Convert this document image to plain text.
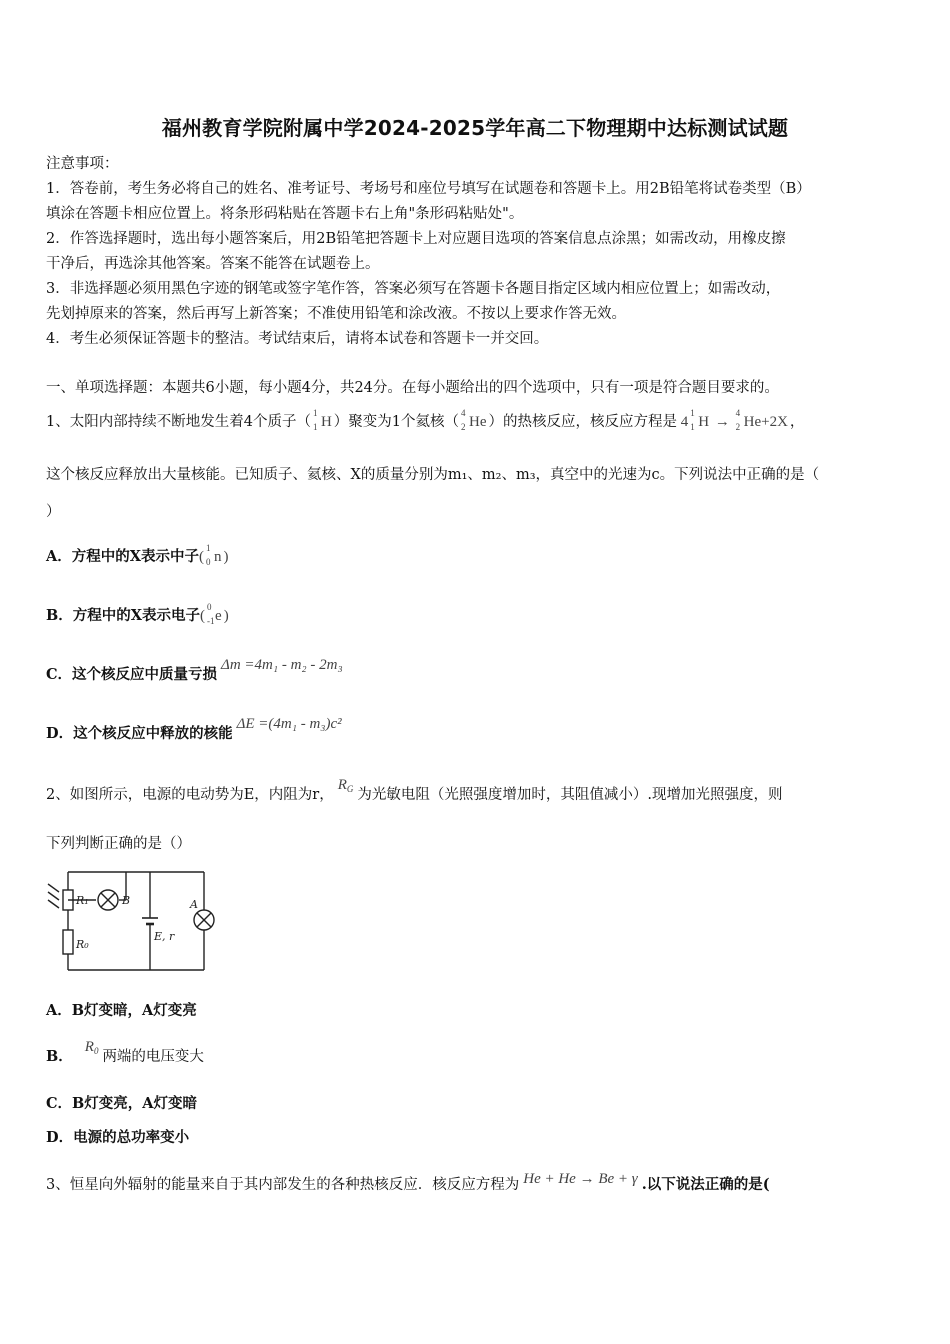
福州教育学院附属中学2024-2025学年高二下物理期中达标测试试题
注意事项：
1．答卷前，考生务必将自己的姓名、准考证号、考场号和座位号填写在试题卷和答题卡上。用2B铅笔将试卷类型（B）
填涂在答题卡相应位置上。将条形码粘贴在答题卡右上角"条形码粘贴处"。
2．作答选择题时，选出每小题答案后，用2B铅笔把答题卡上对应题目选项的答案信息点涂黑；如需改动，用橡皮擦
干净后，再选涂其他答案。答案不能答在试题卷上。
3．非选择题必须用黑色字迹的钢笔或签字笔作答，答案必须写在答题卡各题目指定区域内相应位置上；如需改动，
先划掉原来的答案，然后再写上新答案；不准使用铅笔和涂改液。不按以上要求作答无效。
4．考生必须保证答题卡的整洁。考试结束后，请将本试卷和答题卡一并交回。
一、单项选择题：本题共6小题，每小题4分，共24分。在每小题给出的四个选项中，只有一项是符合题目要求的。
1、太阳内部持续不断地发生着4个质子（
1
1 H ）聚变为1个氦核（
4
2 He ）的热核反应，核反应方程是 4
1
1 H →
4
2 He+2X ，
这个核反应释放出大量核能。已知质子、氦核、X的质量分别为m₁、m₂、m₃，真空中的光速为c。下列说法中正确的是（
）
A．方程中的X表示中子(
1
0 n )
B．方程中的X表示电子(
0
-1 e )
C．这个核反应中质量亏损Δm =4m₁ - m₂ - 2m₃
D．这个核反应中释放的核能ΔE =(4m₁ - m₃)c²
2、如图所示，电源的电动势为E，内阻为r，$R_G$ 为光敏电阻（光照强度增加时，其阻值减小）.现增加光照强度，则
下列判断正确的是（）
R₁	B	A
R₀
E, r
A．B灯变暗，A灯变亮
B．$R_0$ 两端的电压变大
C．B灯变亮，A灯变暗
D．电源的总功率变小
3、恒星向外辐射的能量来自于其内部发生的各种热核反应．核反应方程为 He + He → Be + γ .以下说法正确的是(
